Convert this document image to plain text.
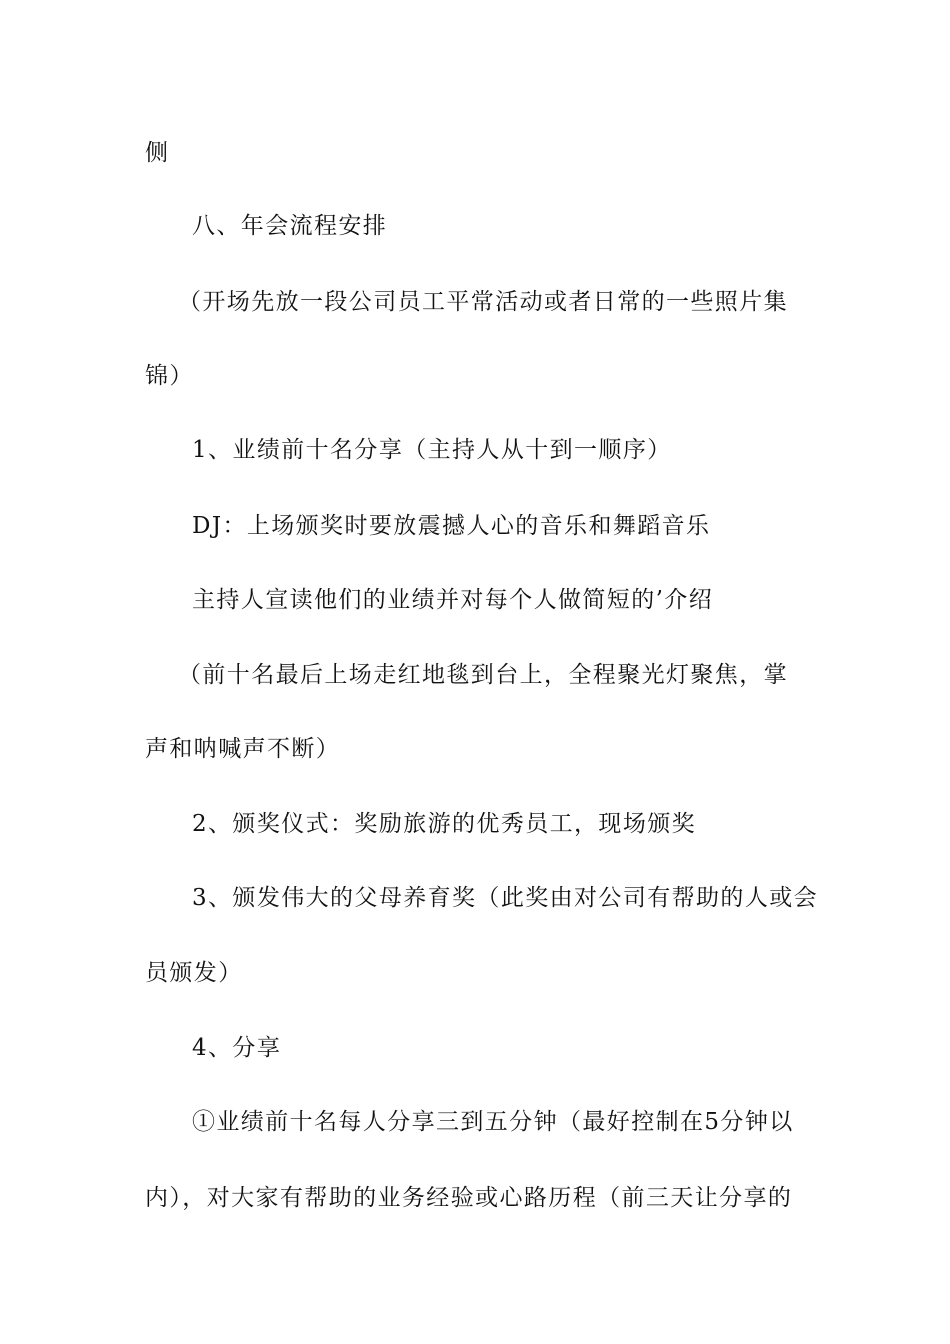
侧
八、年会流程安排
（开场先放一段公司员工平常活动或者日常的一些照片集
锦）
1、业绩前十名分享（主持人从十到一顺序）
DJ：上场颁奖时要放震撼人心的音乐和舞蹈音乐
主持人宣读他们的业绩并对每个人做简短的’介绍
（前十名最后上场走红地毯到台上，全程聚光灯聚焦，掌
声和呐喊声不断）
2、颁奖仪式：奖励旅游的优秀员工，现场颁奖
3、颁发伟大的父母养育奖（此奖由对公司有帮助的人或会
员颁发）
4、分享
①业绩前十名每人分享三到五分钟（最好控制在5分钟以
内），对大家有帮助的业务经验或心路历程（前三天让分享的
